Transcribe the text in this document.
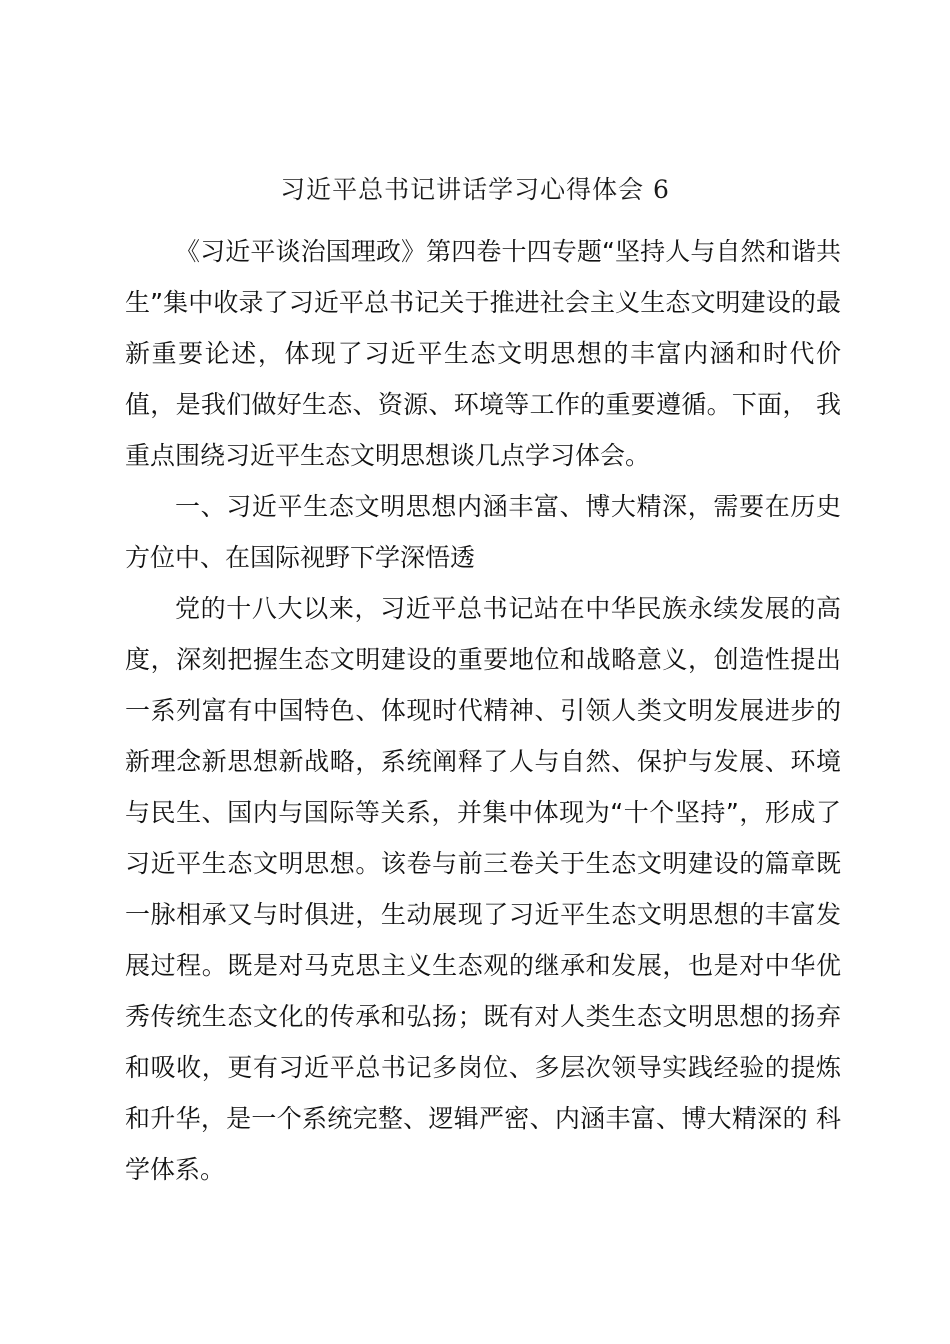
习近平总书记讲话学习心得体会 6

《习近平谈治国理政》第四卷十四专题“坚持人与自然和谐共生”集中收录了习近平总书记关于推进社会主义生态文明建设的最新重要论述，体现了习近平生态文明思想的丰富内涵和时代价值，是我们做好生态、资源、环境等工作的重要遵循。下面， 我重点围绕习近平生态文明思想谈几点学习体会。

一、习近平生态文明思想内涵丰富、博大精深，需要在历史方位中、在国际视野下学深悟透

党的十八大以来，习近平总书记站在中华民族永续发展的高度，深刻把握生态文明建设的重要地位和战略意义，创造性提出一系列富有中国特色、体现时代精神、引领人类文明发展进步的新理念新思想新战略，系统阐释了人与自然、保护与发展、环境与民生、国内与国际等关系，并集中体现为“十个坚持”，形成了习近平生态文明思想。该卷与前三卷关于生态文明建设的篇章既一脉相承又与时俱进，生动展现了习近平生态文明思想的丰富发展过程。既是对马克思主义生态观的继承和发展，也是对中华优秀传统生态文化的传承和弘扬；既有对人类生态文明思想的扬弃和吸收，更有习近平总书记多岗位、多层次领导实践经验的提炼和升华，是一个系统完整、逻辑严密、内涵丰富、博大精深的 科学体系。
